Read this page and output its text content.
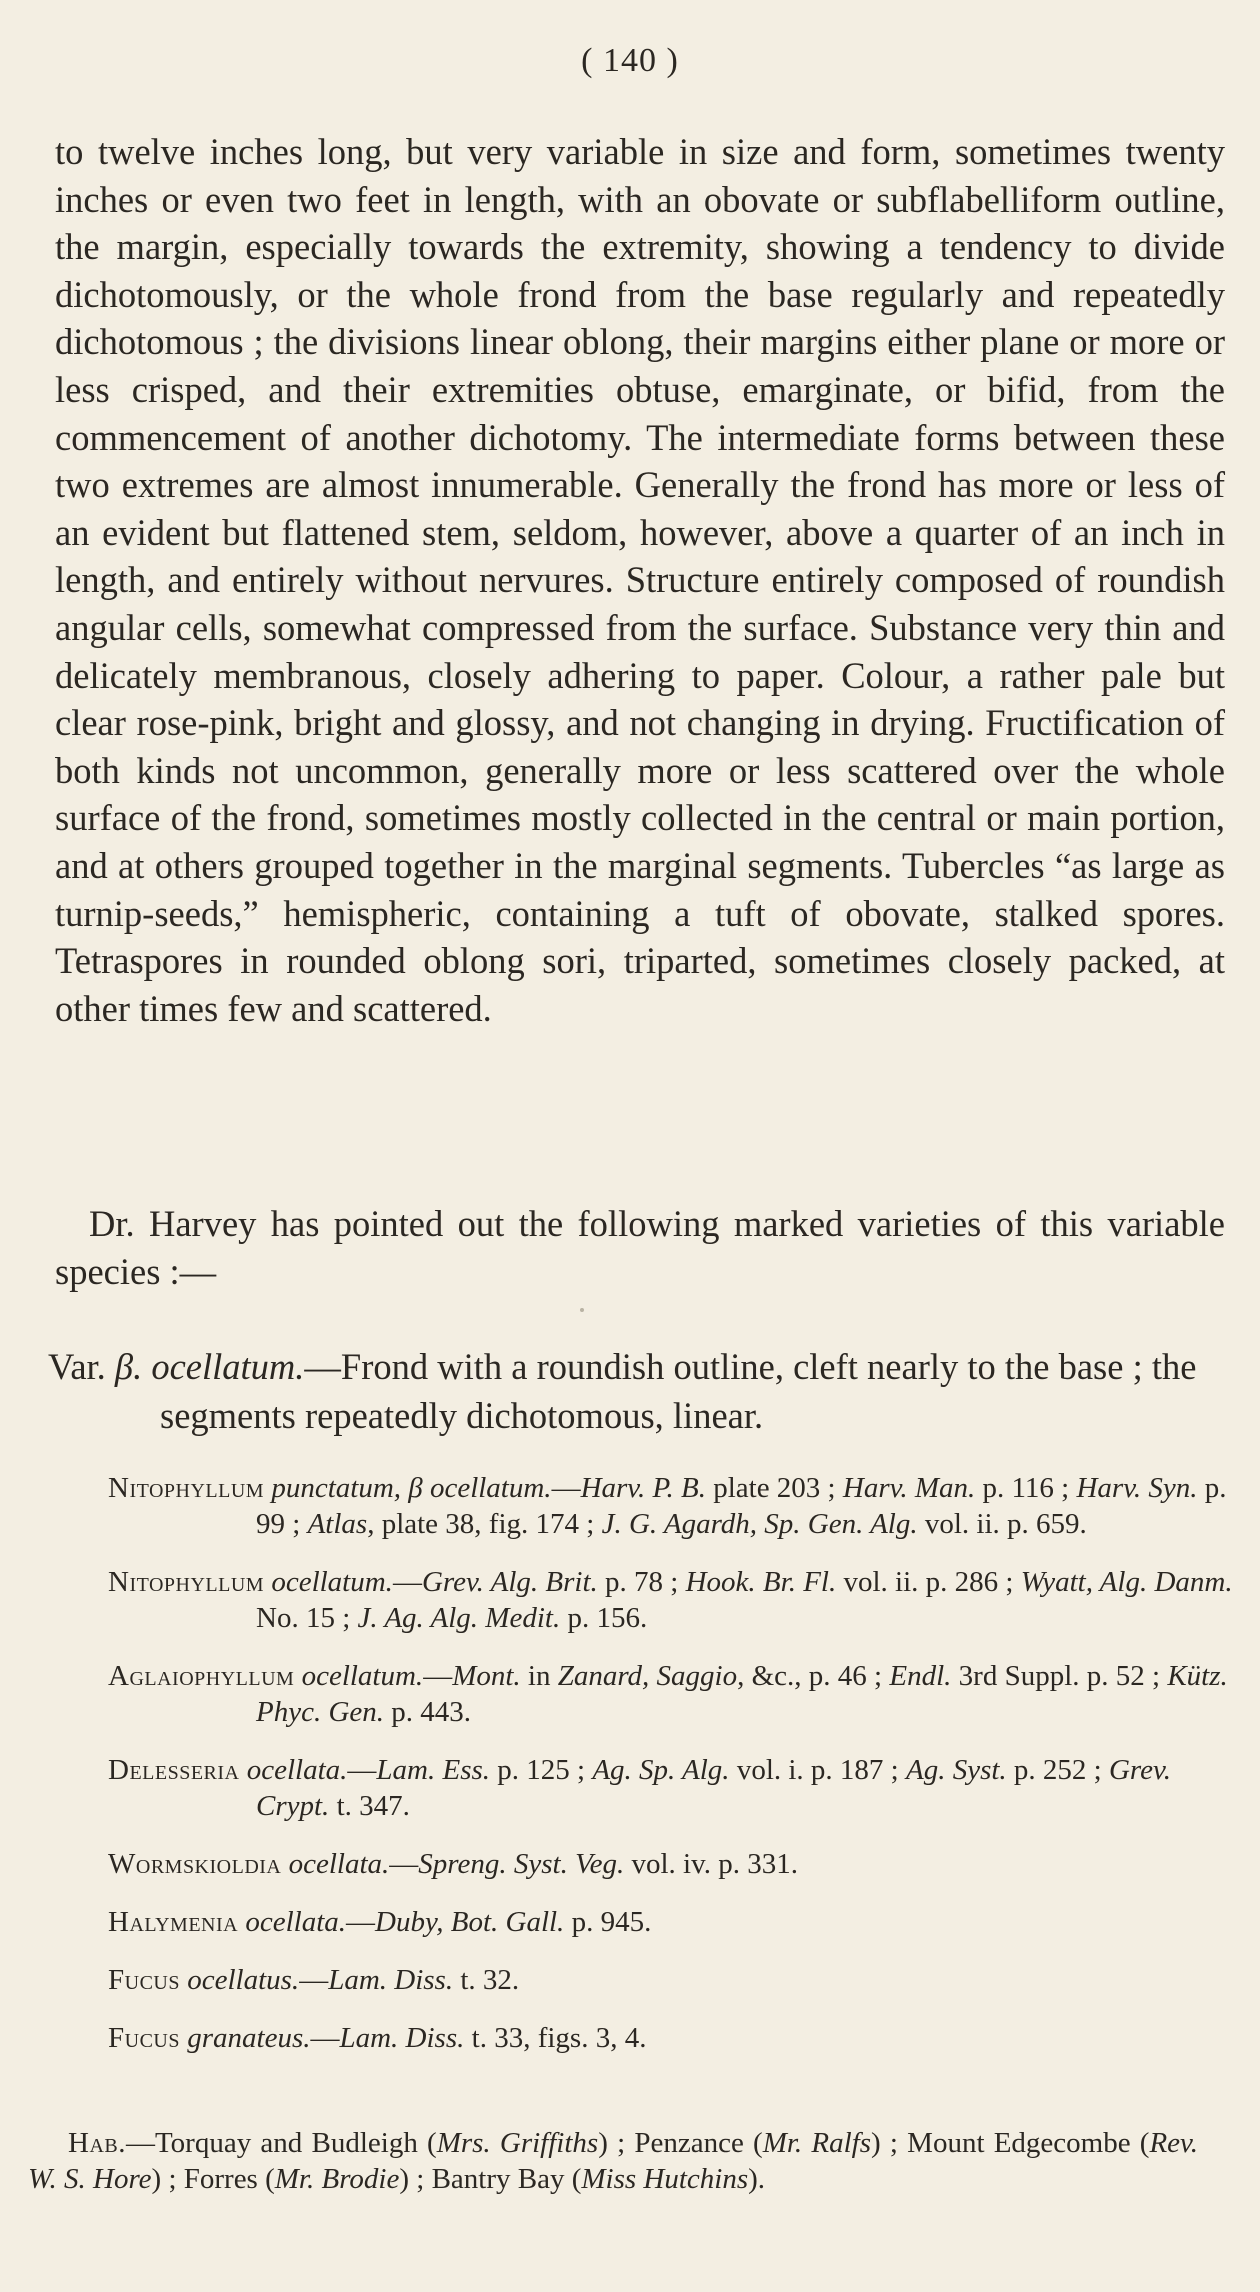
( 140 )

to twelve inches long, but very variable in size and form, sometimes twenty inches or even two feet in length, with an obovate or subflabelliform outline, the margin, especially towards the extremity, showing a tendency to divide dichotomously, or the whole frond from the base regularly and repeatedly dichotomous ; the divisions linear oblong, their margins either plane or more or less crisped, and their extremities obtuse, emarginate, or bifid, from the commencement of another dichotomy. The intermediate forms between these two extremes are almost innumerable. Generally the frond has more or less of an evident but flattened stem, seldom, however, above a quarter of an inch in length, and entirely without nervures. Structure entirely composed of roundish angular cells, somewhat compressed from the surface. Substance very thin and delicately membranous, closely adhering to paper. Colour, a rather pale but clear rose-pink, bright and glossy, and not changing in drying. Fructification of both kinds not uncommon, generally more or less scattered over the whole surface of the frond, sometimes mostly collected in the central or main portion, and at others grouped together in the marginal segments. Tubercles “as large as turnip-seeds,” hemispheric, containing a tuft of obovate, stalked spores. Tetraspores in rounded oblong sori, triparted, sometimes closely packed, at other times few and scattered.

Dr. Harvey has pointed out the following marked varieties of this variable species :—

Var. β. ocellatum.—Frond with a roundish outline, cleft nearly to the base ; the segments repeatedly dichotomous, linear.
Nitophyllum punctatum, β ocellatum.—Harv. P. B. plate 203 ; Harv. Man. p. 116 ; Harv. Syn. p. 99 ; Atlas, plate 38, fig. 174 ; J. G. Agardh, Sp. Gen. Alg. vol. ii. p. 659.
Nitophyllum ocellatum.—Grev. Alg. Brit. p. 78 ; Hook. Br. Fl. vol. ii. p. 286 ; Wyatt, Alg. Danm. No. 15 ; J. Ag. Alg. Medit. p. 156.
Aglaiophyllum ocellatum.—Mont. in Zanard, Saggio, &c., p. 46 ; Endl. 3rd Suppl. p. 52 ; Kütz. Phyc. Gen. p. 443.
Delesseria ocellata.—Lam. Ess. p. 125 ; Ag. Sp. Alg. vol. i. p. 187 ; Ag. Syst. p. 252 ; Grev. Crypt. t. 347.
Wormskioldia ocellata.—Spreng. Syst. Veg. vol. iv. p. 331.
Halymenia ocellata.—Duby, Bot. Gall. p. 945.
Fucus ocellatus.—Lam. Diss. t. 32.
Fucus granateus.—Lam. Diss. t. 33, figs. 3, 4.
Hab.—Torquay and Budleigh (Mrs. Griffiths) ; Penzance (Mr. Ralfs) ; Mount Edgecombe (Rev. W. S. Hore) ; Forres (Mr. Brodie) ; Bantry Bay (Miss Hutchins).
